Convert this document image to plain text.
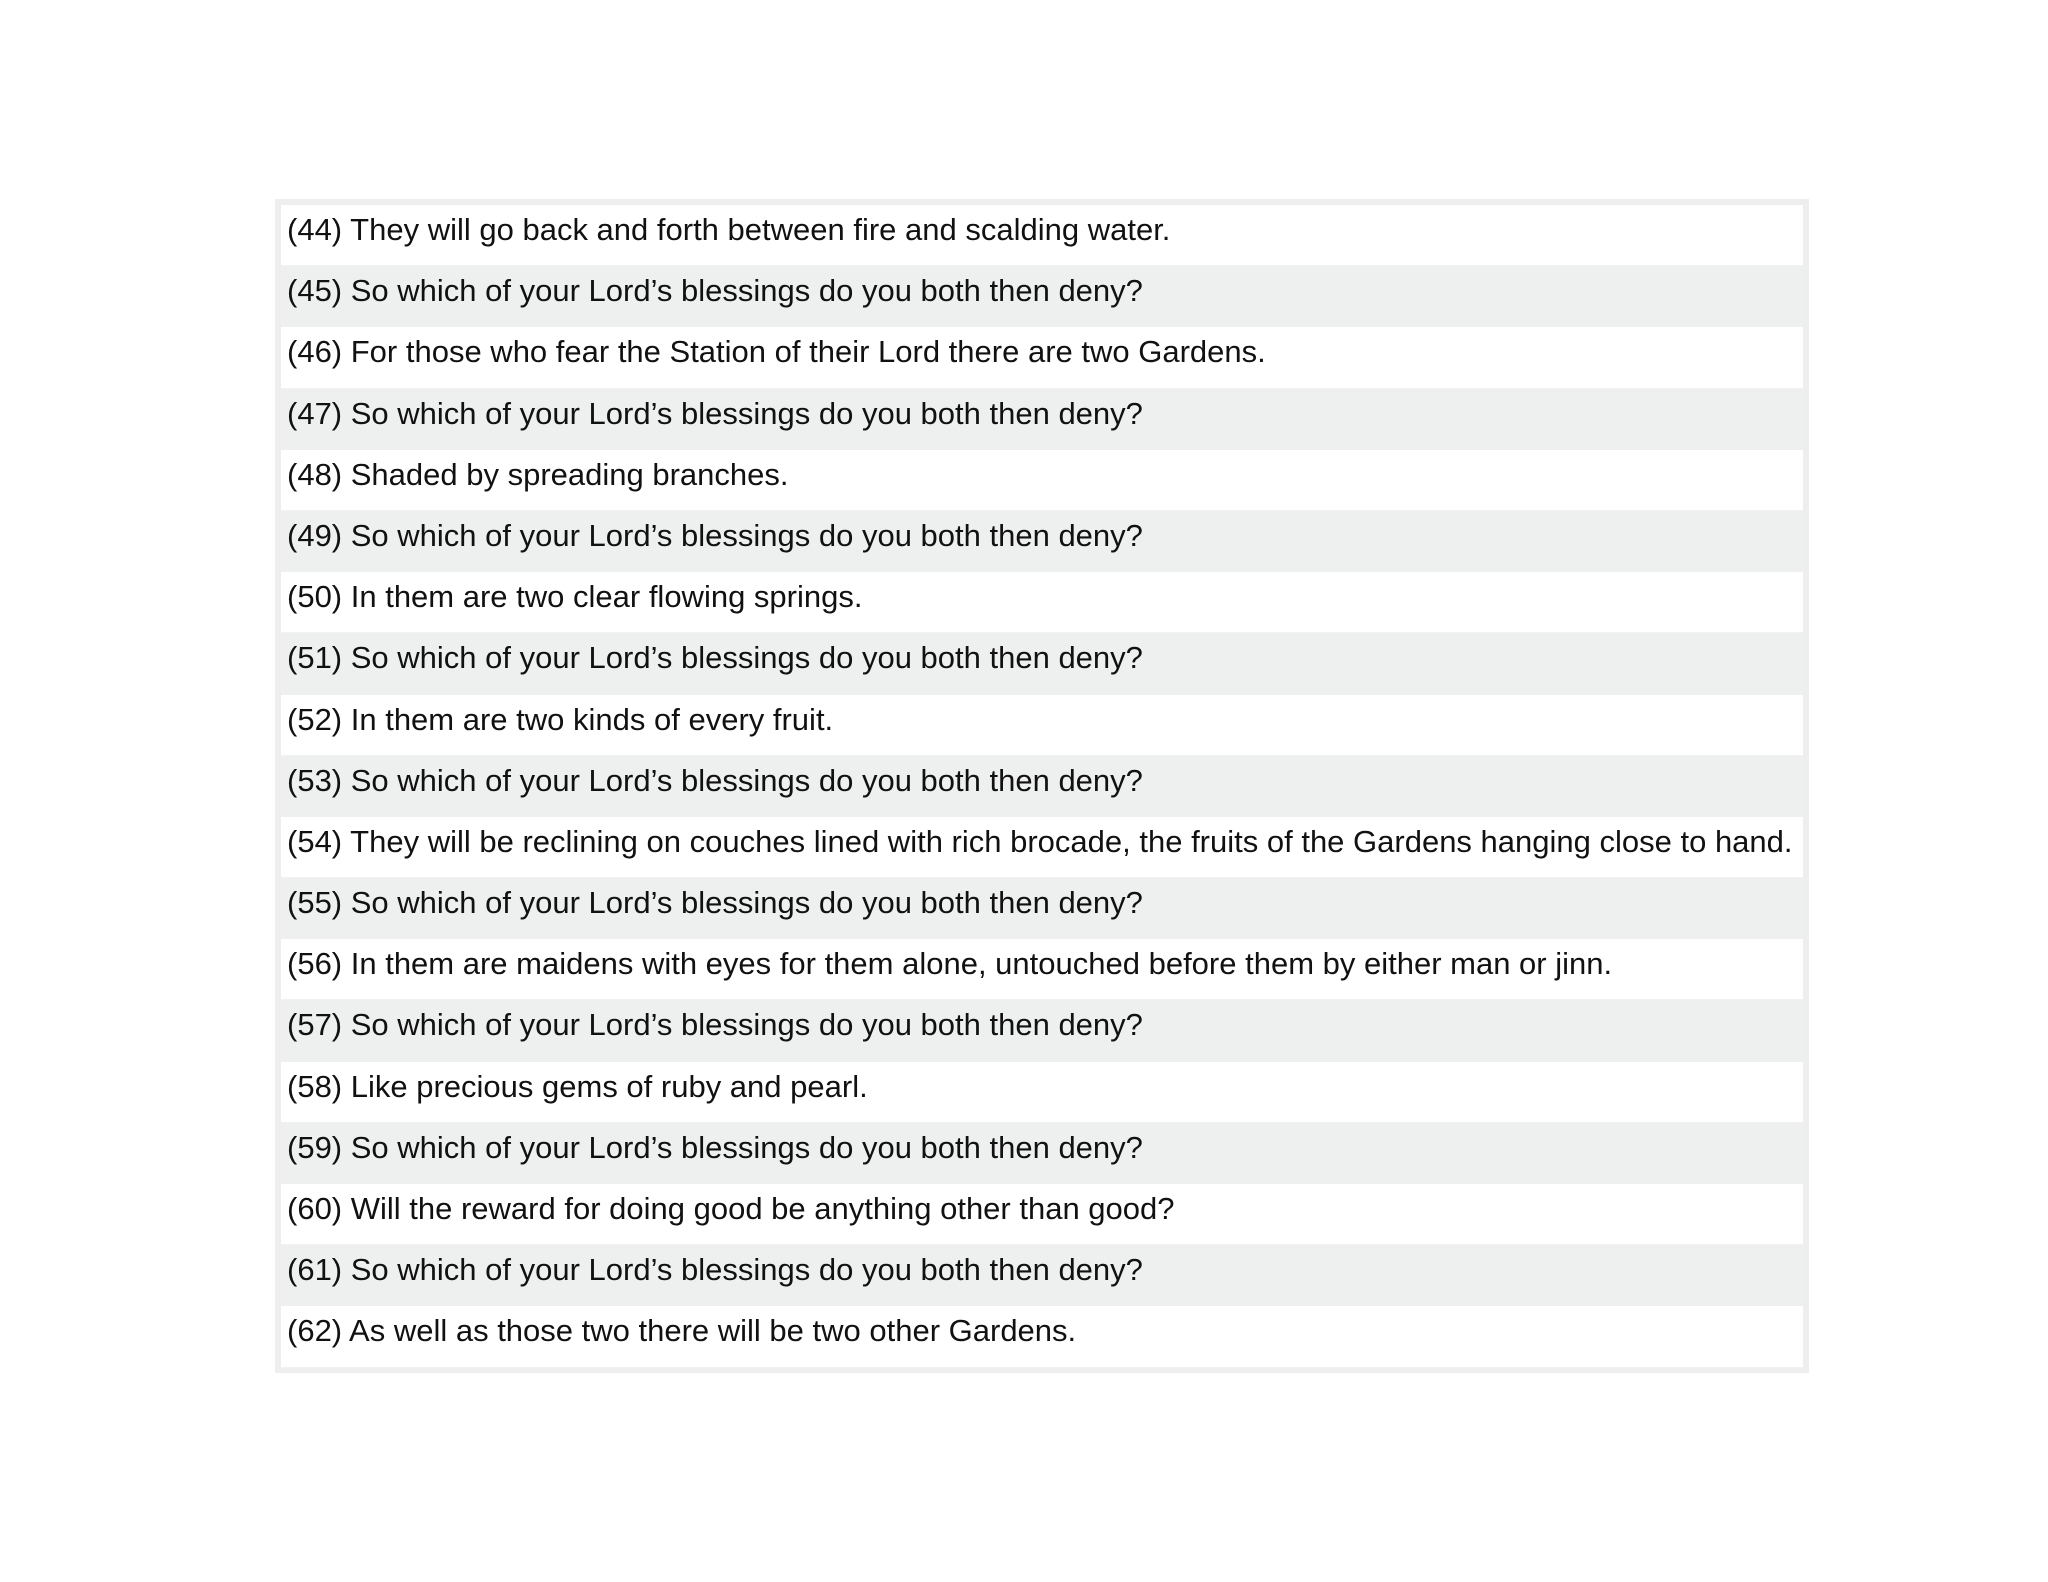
(44) They will go back and forth between fire and scalding water.
(45) So which of your Lord’s blessings do you both then deny?
(46) For those who fear the Station of their Lord there are two Gardens.
(47) So which of your Lord’s blessings do you both then deny?
(48) Shaded by spreading branches.
(49) So which of your Lord’s blessings do you both then deny?
(50) In them are two clear flowing springs.
(51) So which of your Lord’s blessings do you both then deny?
(52) In them are two kinds of every fruit.
(53) So which of your Lord’s blessings do you both then deny?
(54) They will be reclining on couches lined with rich brocade, the fruits of the Gardens hanging close to hand.
(55) So which of your Lord’s blessings do you both then deny?
(56) In them are maidens with eyes for them alone, untouched before them by either man or jinn.
(57) So which of your Lord’s blessings do you both then deny?
(58) Like precious gems of ruby and pearl.
(59) So which of your Lord’s blessings do you both then deny?
(60) Will the reward for doing good be anything other than good?
(61) So which of your Lord’s blessings do you both then deny?
(62) As well as those two there will be two other Gardens.
